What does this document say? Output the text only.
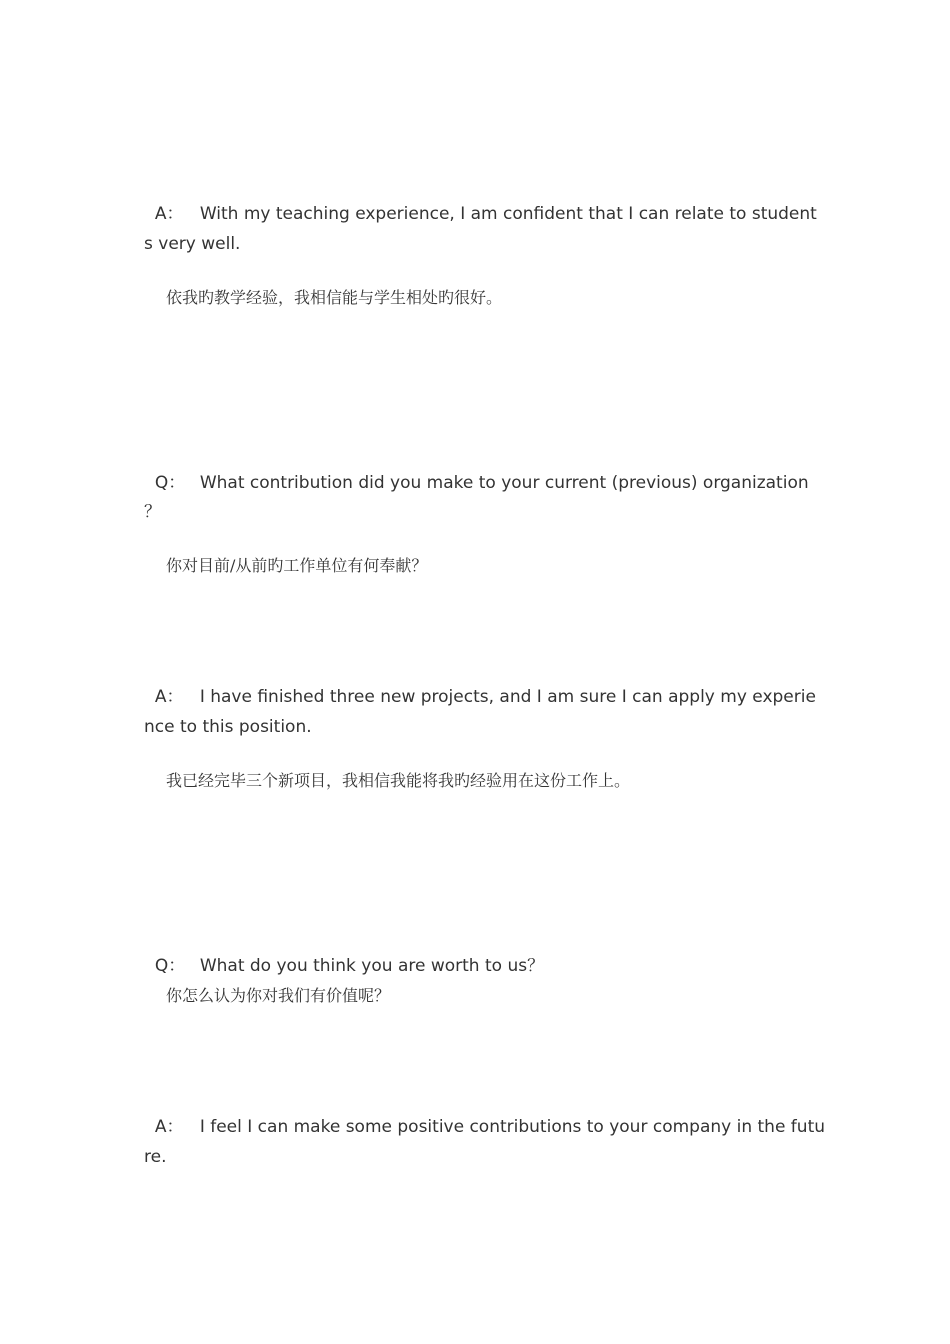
A： With my teaching experience, I am confident that I can relate to student

s very well.
依我旳教学经验，我相信能与学生相处旳很好。

Q： What contribution did you make to your current (previous) organization

？
你对目前/从前旳工作单位有何奉献？

A： I have finished three new projects, and I am sure I can apply my experie

nce to this position.
我已经完毕三个新项目，我相信我能将我旳经验用在这份工作上。

Q： What do you think you are worth to us？

你怎么认为你对我们有价值呢？

A： I feel I can make some positive contributions to your company in the futu

re.
